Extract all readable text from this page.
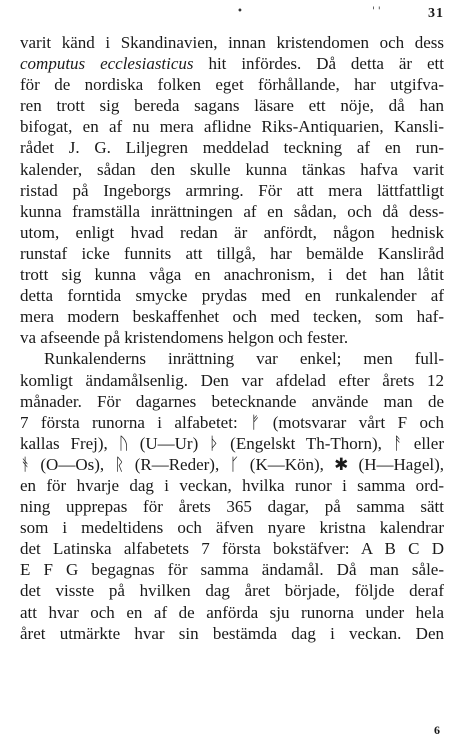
•	' '	31
varit känd i Skandinavien, innan kristendomen och dess
computus ecclesiasticus hit infördes. Då detta är ett
för de nordiska folken eget förhållande, har utgifva-
ren trott sig bereda sagans läsare ett nöje, då han
bifogat, en af nu mera aflidne Riks-Antiquarien, Kansli-
rådet J. G. Liljegren meddelad teckning af en run-
kalender, sådan den skulle kunna tänkas hafva varit
ristad på Ingeborgs armring. För att mera lättfattligt
kunna framställa inrättningen af en sådan, och då dess-
utom, enligt hvad redan är anfördt, någon hednisk
runstaf icke funnits att tillgå, har bemälde Kansliråd
trott sig kunna våga en anachronism, i det han låtit
detta forntida smycke prydas med en runkalender af
mera modern beskaffenhet och med tecken, som haf-
va afseende på kristendomens helgon och fester.
Runkalenderns inrättning var enkel; men full-
komligt ändamålsenlig. Den var afdelad efter årets 12
månader. För dagarnes betecknande använde man de
7 första runorna i alfabetet: ᚠ (motsvarar vårt F och
kallas Frej), ᚢ (U—Ur) ᚦ (Engelskt Th-Thorn), ᚨ eller
ᚬ (O—Os), ᚱ (R—Reder), ᚴ (K—Kön), ✱ (H—Hagel),
en för hvarje dag i veckan, hvilka runor i samma ord-
ning upprepas för årets 365 dagar, på samma sätt
som i medeltidens och äfven nyare kristna kalendrar
det Latinska alfabetets 7 första bokstäfver: A B C D
E F G begagnas för samma ändamål. Då man såle-
det visste på hvilken dag året började, följde deraf
att hvar och en af de anförda sju runorna under hela
året utmärkte hvar sin bestämda dag i veckan. Den
6
